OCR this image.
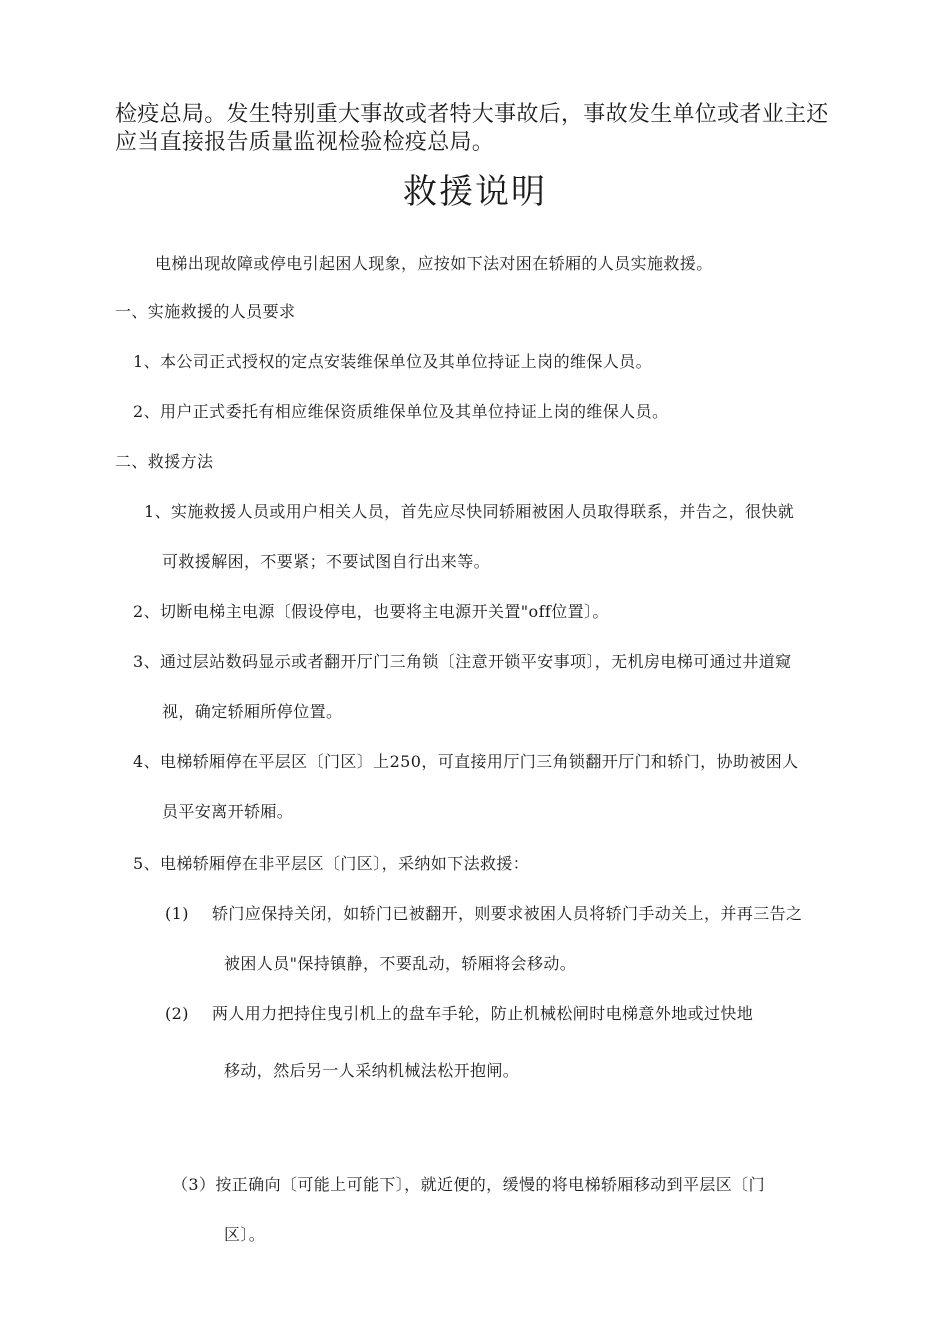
检疫总局。发生特别重大事故或者特大事故后，事故发生单位或者业主还
应当直接报告质量监视检验检疫总局。
救援说明
电梯出现故障或停电引起困人现象，应按如下法对困在轿厢的人员实施救援。
一、实施救援的人员要求
1、本公司正式授权的定点安装维保单位及其单位持证上岗的维保人员。
2、用户正式委托有相应维保资质维保单位及其单位持证上岗的维保人员。
二、救援方法
1、实施救援人员或用户相关人员，首先应尽快同轿厢被困人员取得联系，并告之，很快就
可救援解困，不要紧；不要试图自行出来等。
2、切断电梯主电源〔假设停电，也要将主电源开关置"off位置〕。
3、通过层站数码显示或者翻开厅门三角锁〔注意开锁平安事项〕，无机房电梯可通过井道窥
视，确定轿厢所停位置。
4、电梯轿厢停在平层区〔门区〕上250，可直接用厅门三角锁翻开厅门和轿门，协助被困人
员平安离开轿厢。
5、电梯轿厢停在非平层区〔门区〕，采纳如下法救援：
(1) 轿门应保持关闭，如轿门已被翻开，则要求被困人员将轿门手动关上，并再三告之
被困人员"保持镇静，不要乱动，轿厢将会移动。
(2) 两人用力把持住曳引机上的盘车手轮，防止机械松闸时电梯意外地或过快地
移动，然后另一人采纳机械法松开抱闸。
（3）按正确向〔可能上可能下〕，就近便的，缓慢的将电梯轿厢移动到平层区〔门
区〕。
